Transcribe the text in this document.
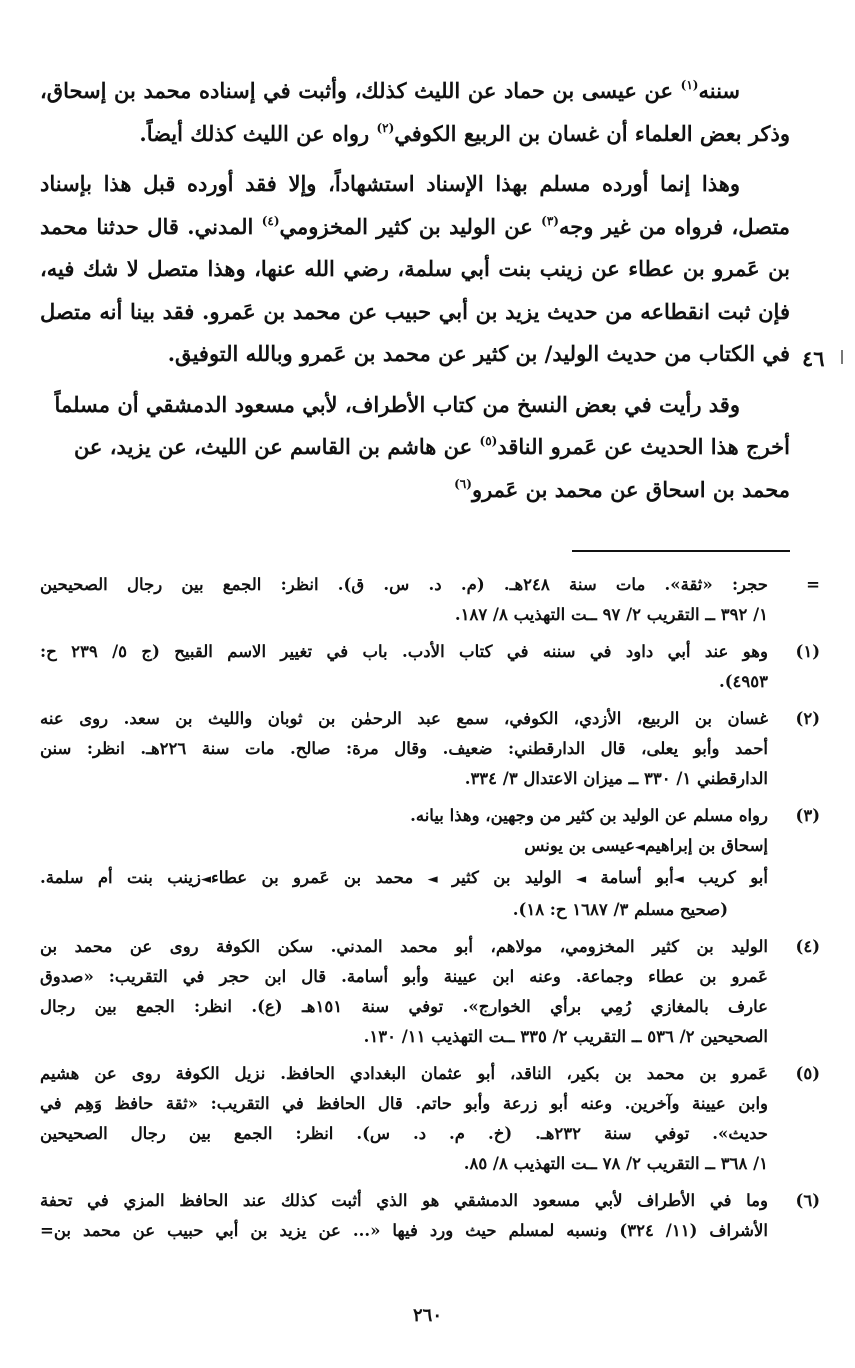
سننه$^{(١)}$ عن عيسى بن حماد عن الليث كذلك، وأثبت في إسناده محمد بن إسحاق، وذكر بعض العلماء أن غسان بن الربيع الكوفي$^{(٢)}$ رواه عن الليث كذلك أيضاً.

وهذا إنما أورده مسلم بهذا الإسناد استشهاداً، وإلا فقد أورده قبل هذا بإسناد متصل، فرواه من غير وجه$^{(٣)}$ عن الوليد بن كثير المخزومي$^{(٤)}$ المدني. قال حدثنا محمد بن عَمرو بن عطاء عن زينب بنت أبي سلمة، رضي الله عنها، وهذا متصل لا شك فيه، فإن ثبت انقطاعه من حديث يزيد بن أبي حبيب عن محمد بن عَمرو. فقد بينا أنه متصل في الكتاب من حديث الوليد/ بن كثير عن محمد بن عَمرو وبالله التوفيق.

وقد رأيت في بعض النسخ من كتاب الأطراف، لأبي مسعود الدمشقي أن مسلماً أخرج هذا الحديث عن عَمرو الناقد$^{(٥)}$ عن هاشم بن القاسم عن الليث، عن يزيد، عن محمد بن اسحاق عن محمد بن عَمرو$^{(٦)}$

٤٦
=
حجر: «ثقة». مات سنة ٢٤٨هـ. (م. د. س. ق). انظر: الجمع بين رجال الصحيحين
١/ ٣٩٢ ــ التقريب ٢/ ٩٧ ــت التهذيب ٨/ ١٨٧.
(١)
وهو عند أبي داود في سننه في كتاب الأدب. باب في تغيير الاسم القبيح (ج ٥/ ٢٣٩ ح:
٤٩٥٣).
(٢)
غسان بن الربيع، الأزدي، الكوفي، سمع عبد الرحمٰن بن ثوبان والليث بن سعد. روى عنه
أحمد وأبو يعلى، قال الدارقطني: ضعيف. وقال مرة: صالح. مات سنة ٢٢٦هـ. انظر: سنن
الدارقطني ١/ ٣٣٠ ــ ميزان الاعتدال ٣/ ٣٣٤.
(٣)
رواه مسلم عن الوليد بن كثير من وجهين، وهذا بيانه.
إسحاق بن إبراهيم◄عيسى بن يونس
أبو كريب ◄أبو أسامة ◄ الوليد بن كثير ◄ محمد بن عَمرو بن عطاء◄زينب بنت أم سلمة.
(صحيح مسلم ٣/ ١٦٨٧ ح: ١٨).
(٤)
الوليد بن كثير المخزومي، مولاهم، أبو محمد المدني. سكن الكوفة روى عن محمد بن
عَمرو بن عطاء وجماعة. وعنه ابن عيينة وأبو أسامة. قال ابن حجر في التقريب: «صدوق
عارف بالمغازي رُمِي برأي الخوارج». توفي سنة ١٥١هـ (ع). انظر: الجمع بين رجال
الصحيحين ٢/ ٥٣٦ ــ التقريب ٢/ ٣٣٥ ــت التهذيب ١١/ ١٣٠.
(٥)
عَمرو بن محمد بن بكير، الناقد، أبو عثمان البغدادي الحافظ. نزيل الكوفة روى عن هشيم
وابن عيينة وآخرين. وعنه أبو زرعة وأبو حاتم. قال الحافظ في التقريب: «ثقة حافظ وَهِم في
حديث». توفي سنة ٢٣٢هـ. (خ. م. د. س). انظر: الجمع بين رجال الصحيحين
١/ ٣٦٨ ــ التقريب ٢/ ٧٨ ــت التهذيب ٨/ ٨٥.
(٦)
وما في الأطراف لأبي مسعود الدمشقي هو الذي أثبت كذلك عند الحافظ المزي في تحفة
الأشراف (١١/ ٣٢٤) ونسبه لمسلم حيث ورد فيها «... عن يزيد بن أبي حبيب عن محمد بن=
٢٦٠
